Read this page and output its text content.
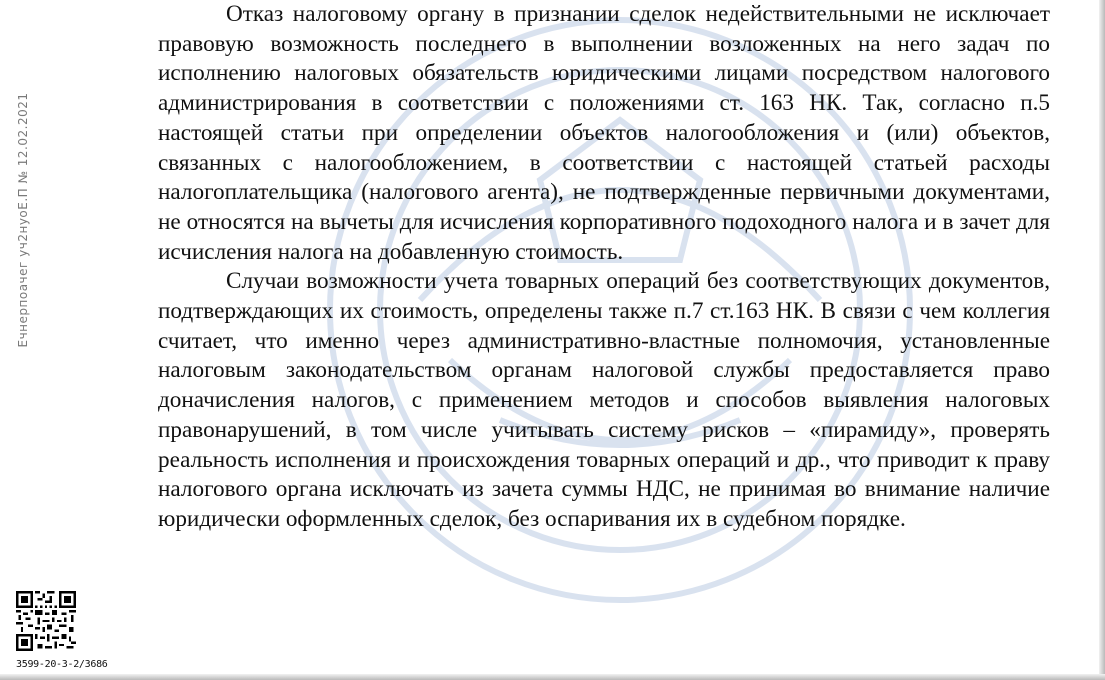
Ечнерпоачег уч2нуоЕ.П № 12.02.2021

Отказ налоговому органу в признании сделок недействительными не исключает правовую возможность последнего в выполнении возложенных на него задач по исполнению налоговых обязательств юридическими лицами посредством налогового администрирования в соответствии с положениями ст. 163 НК. Так, согласно п.5 настоящей статьи при определении объектов налогообложения и (или) объектов, связанных с налогообложением, в соответствии с настоящей статьей расходы налогоплательщика (налогового агента), не подтвержденные первичными документами, не относятся на вычеты для исчисления корпоративного подоходного налога и в зачет для исчисления налога на добавленную стоимость.

Случаи возможности учета товарных операций без соответствующих документов, подтверждающих их стоимость, определены также п.7 ст.163 НК. В связи с чем коллегия считает, что именно через административно-властные полномочия, установленные налоговым законодательством органам налоговой службы предоставляется право доначисления налогов, с применением методов и способов выявления налоговых правонарушений, в том числе учитывать систему рисков – «пирамиду», проверять реальность исполнения и происхождения товарных операций и др., что приводит к праву налогового органа исключать из зачета суммы НДС, не принимая во внимание наличие юридически оформленных сделок, без оспаривания их в судебном порядке.

3599-20-3-2/3686
